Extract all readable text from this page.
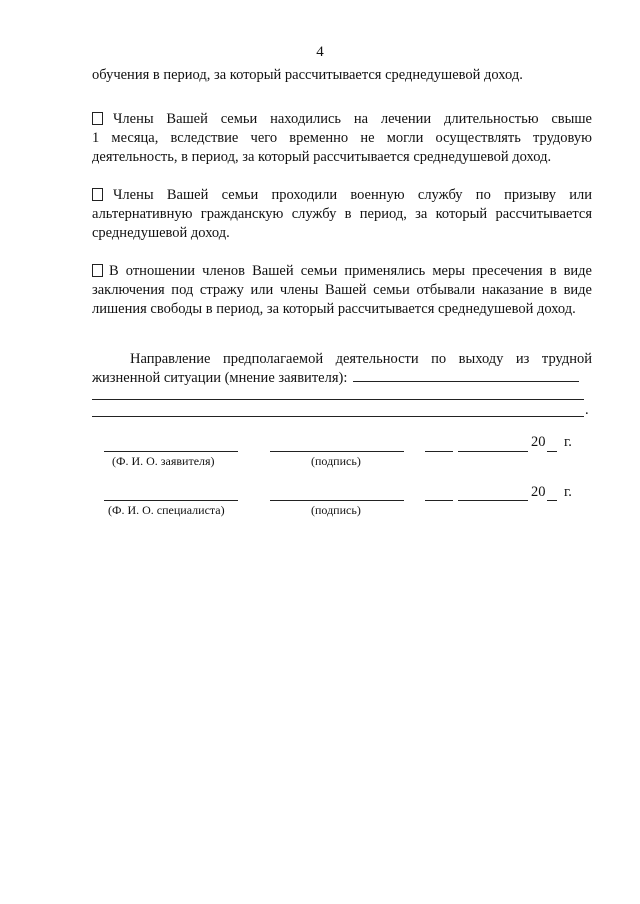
4
обучения в период, за который рассчитывается среднедушевой доход.
Члены Вашей семьи находились на лечении длительностью свыше
1 месяца, вследствие чего временно не могли осуществлять трудовую
деятельность, в период, за который рассчитывается среднедушевой доход.
Члены Вашей семьи проходили военную службу по призыву или
альтернативную гражданскую службу в период, за который рассчитывается
среднедушевой доход.
В отношении членов Вашей семьи применялись меры пресечения в виде
заключения под стражу или члены Вашей семьи отбывали наказание в виде
лишения свободы в период, за который рассчитывается среднедушевой доход.
Направление предполагаемой деятельности по выходу из трудной
жизненной ситуации (мнение заявителя):
.
20 г.
(Ф. И. О. заявителя)	(подпись)
20 г.
(Ф. И. О. специалиста)	(подпись)
